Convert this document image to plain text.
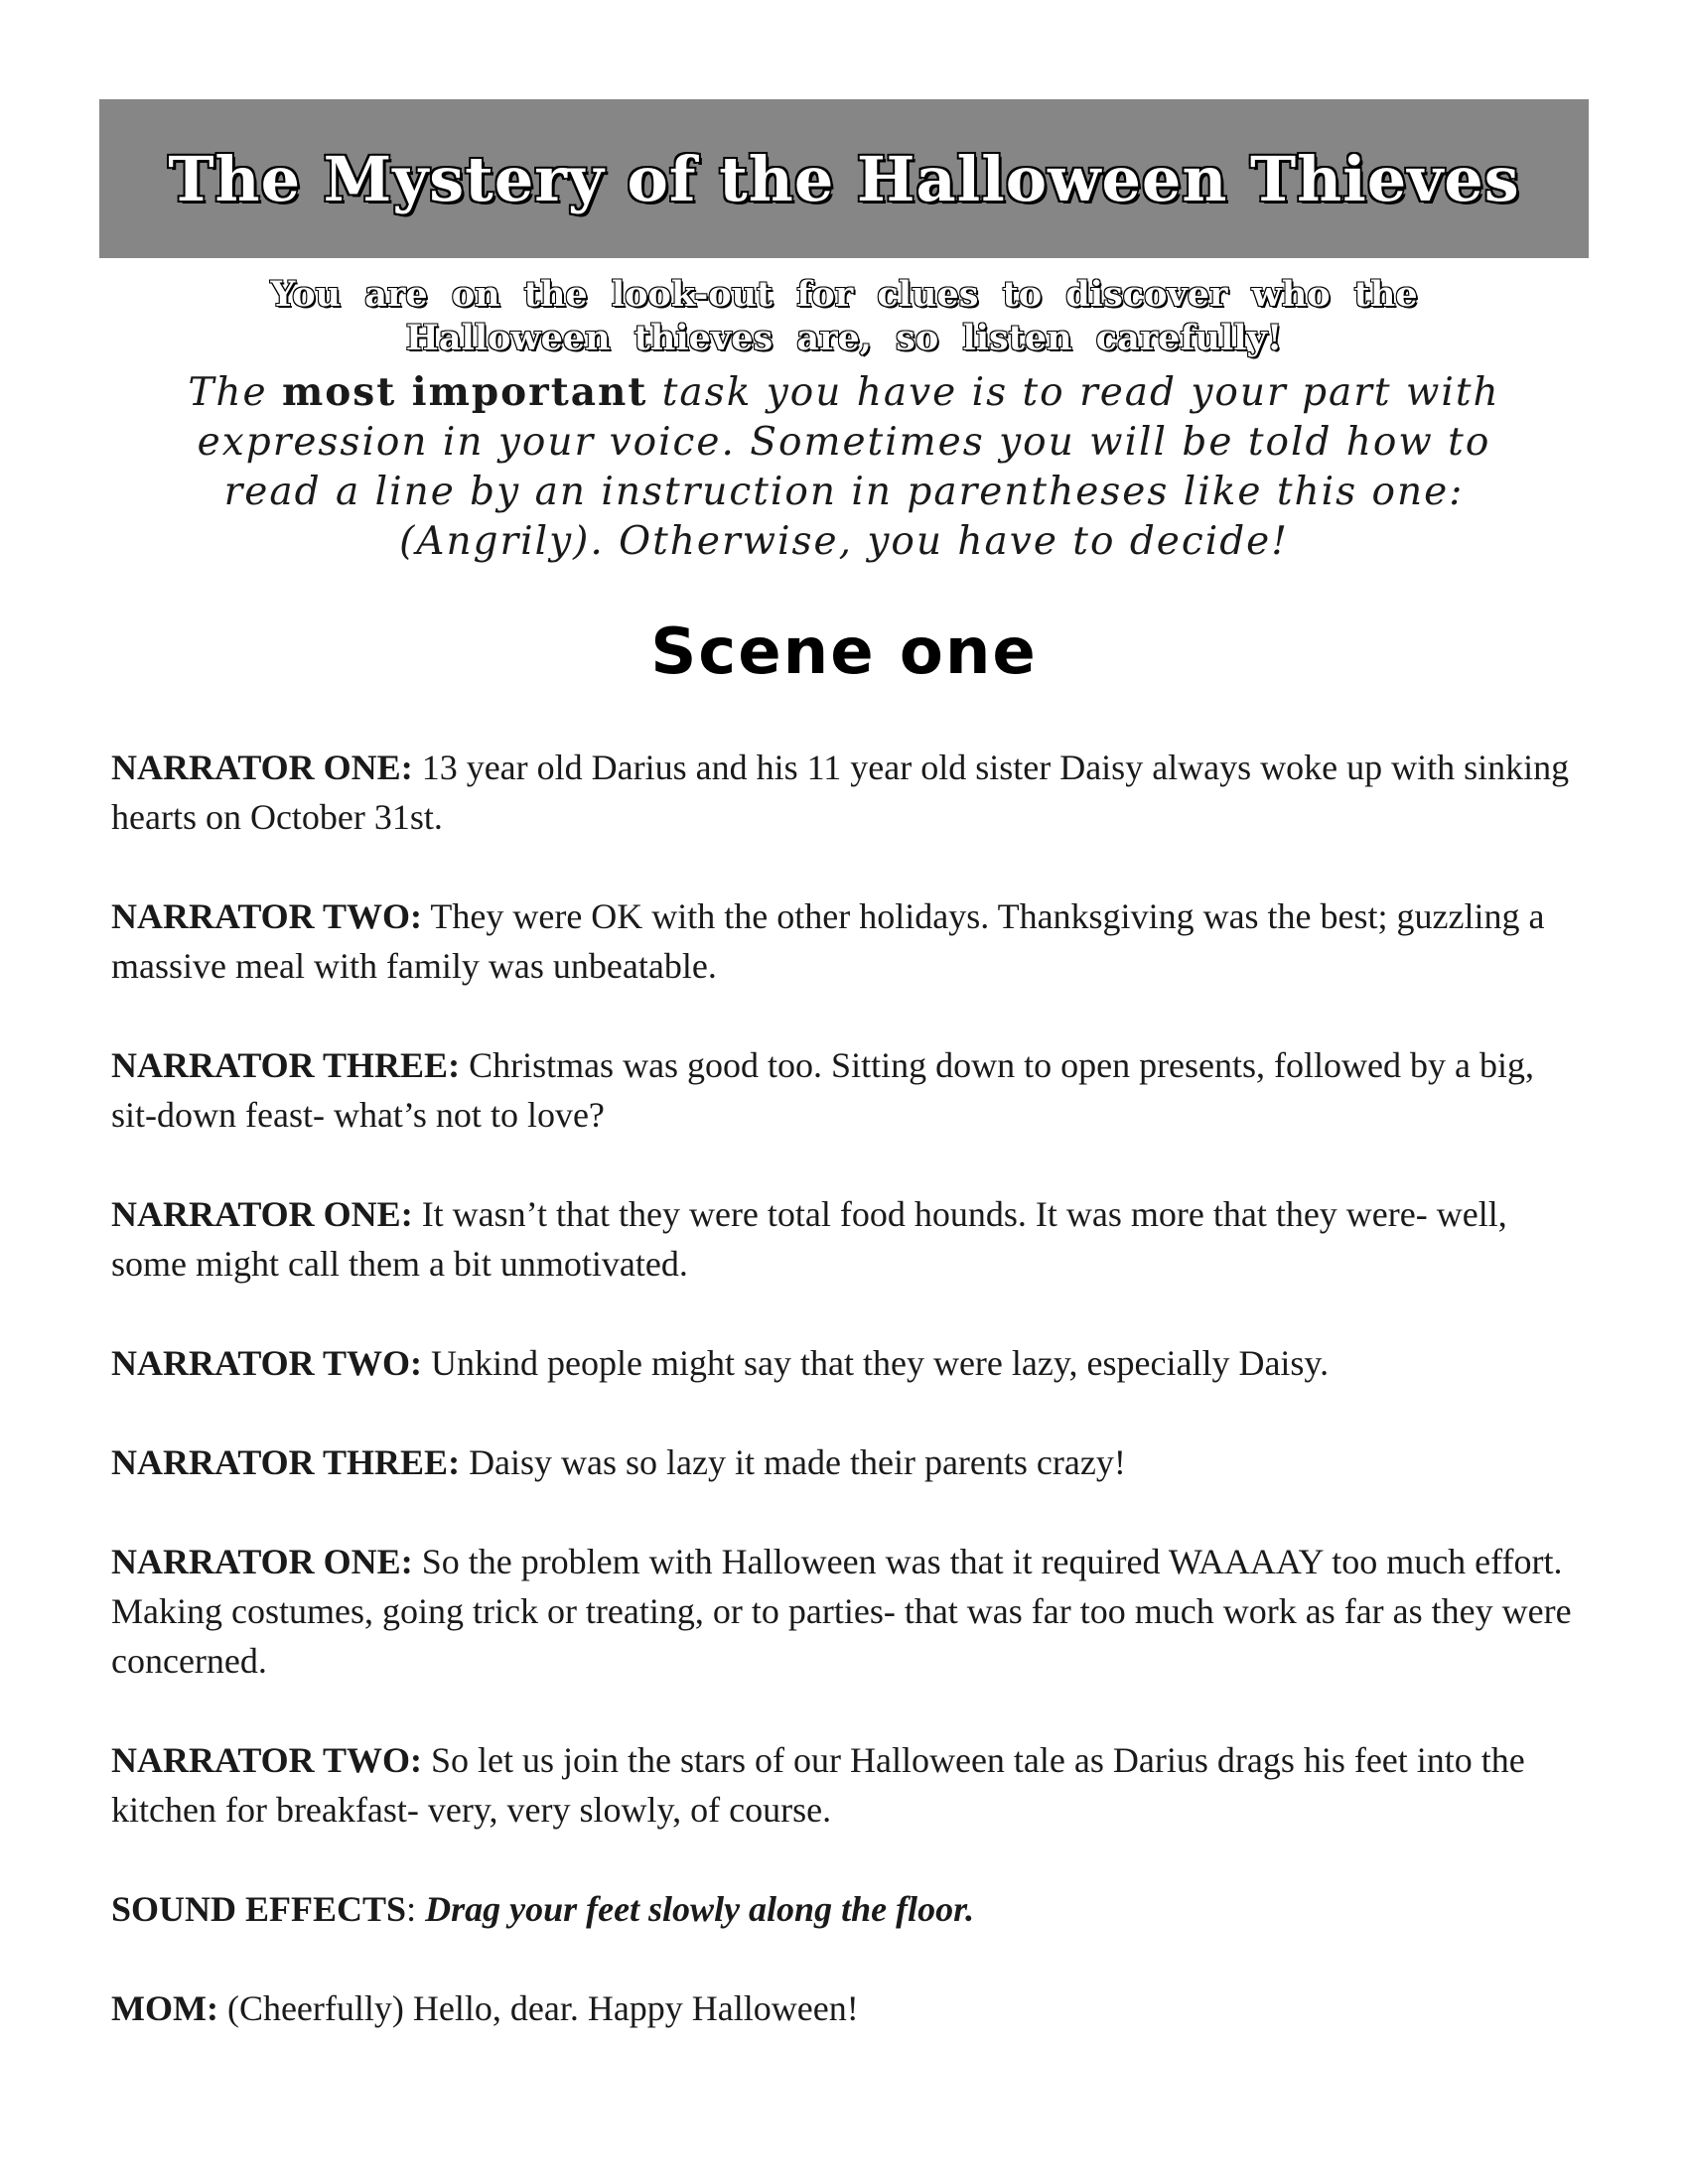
The Mystery of the Halloween Thieves
You are on the look-out for clues to discover who the Halloween thieves are, so listen carefully!
The most important task you have is to read your part with expression in your voice. Sometimes you will be told how to read a line by an instruction in parentheses like this one: (Angrily). Otherwise, you have to decide!
Scene one

NARRATOR ONE: 13 year old Darius and his 11 year old sister Daisy always woke up with sinking hearts on October 31st.

NARRATOR TWO: They were OK with the other holidays. Thanksgiving was the best; guzzling a massive meal with family was unbeatable.

NARRATOR THREE: Christmas was good too. Sitting down to open presents, followed by a big, sit-down feast- what’s not to love?

NARRATOR ONE: It wasn’t that they were total food hounds. It was more that they were- well, some might call them a bit unmotivated.

NARRATOR TWO: Unkind people might say that they were lazy, especially Daisy.

NARRATOR THREE: Daisy was so lazy it made their parents crazy!

NARRATOR ONE: So the problem with Halloween was that it required WAAAAY too much effort. Making costumes, going trick or treating, or to parties- that was far too much work as far as they were concerned.

NARRATOR TWO: So let us join the stars of our Halloween tale as Darius drags his feet into the kitchen for breakfast- very, very slowly, of course.

SOUND EFFECTS: Drag your feet slowly along the floor.

MOM: (Cheerfully) Hello, dear. Happy Halloween!
